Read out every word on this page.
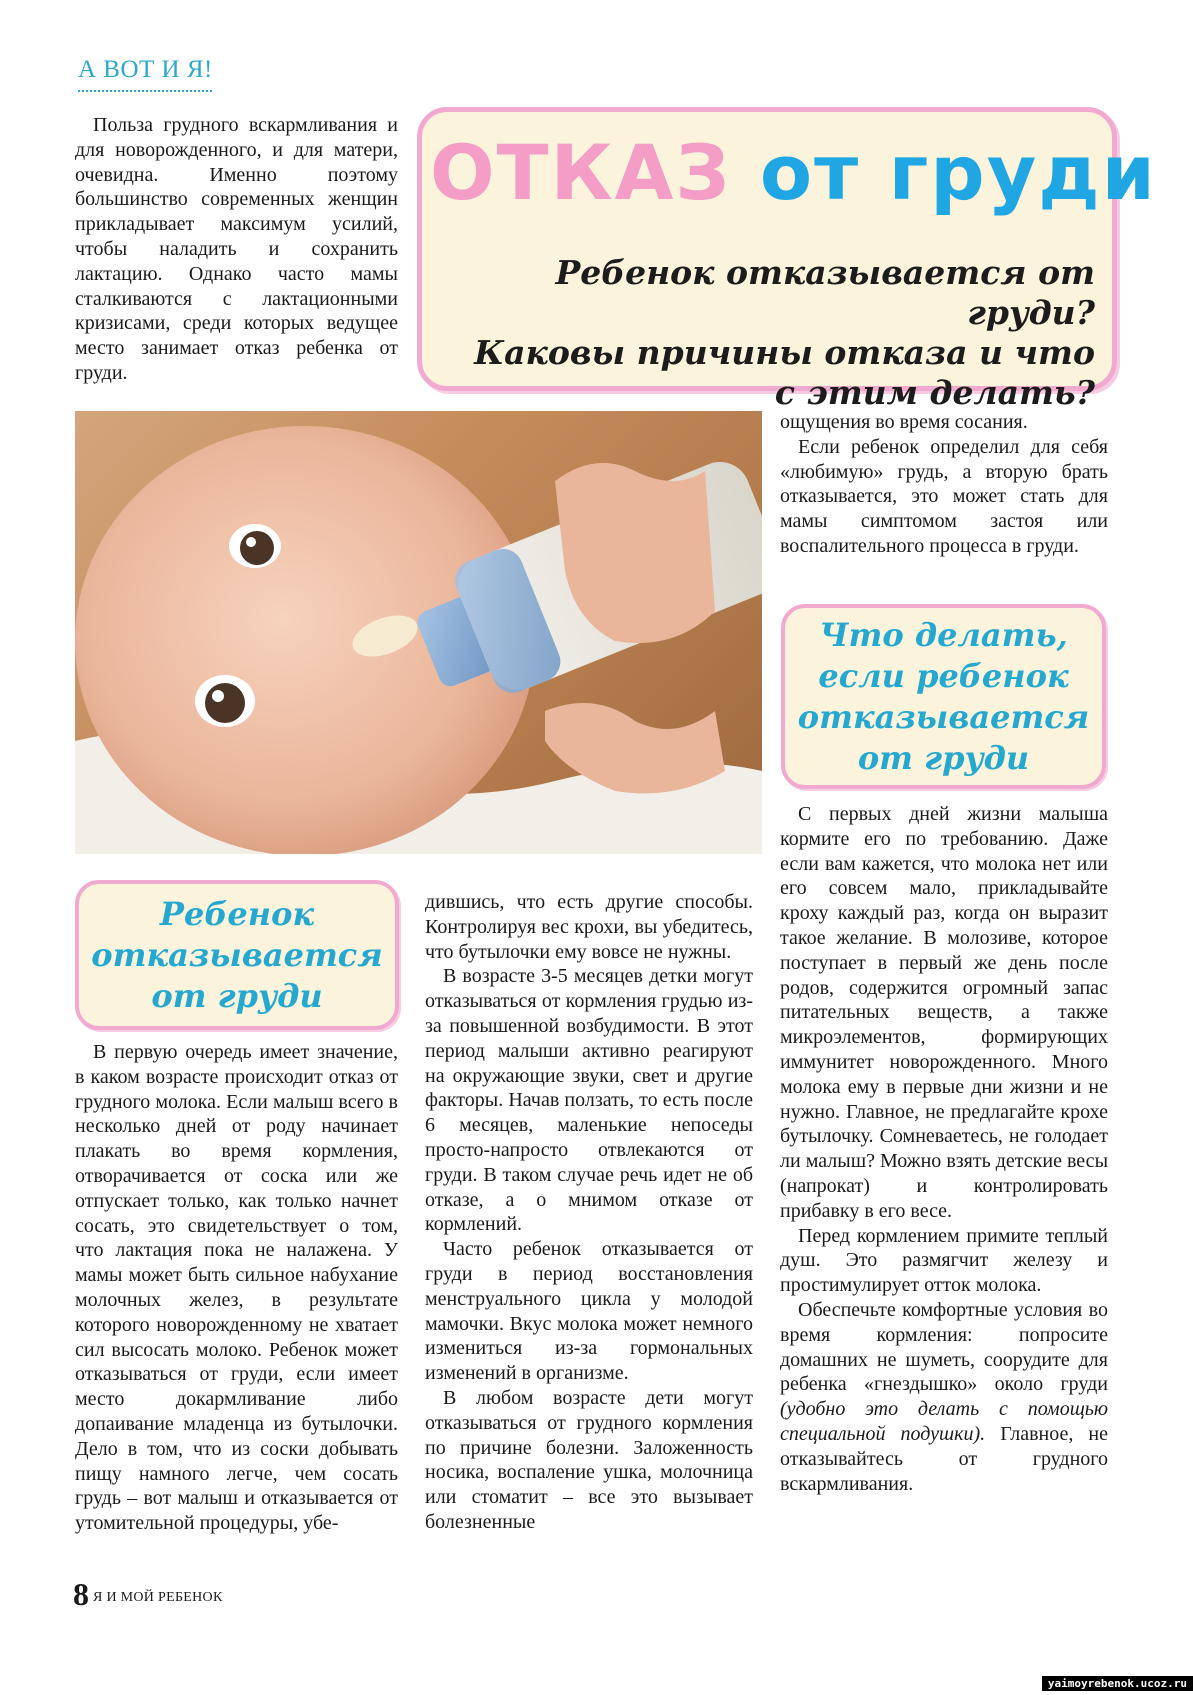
А ВОТ И Я!

Польза грудного вскармливания и для новорожденного, и для матери, очевидна. Именно поэтому большинство современных женщин прикладывает максимум усилий, чтобы наладить и сохранить лактацию. Однако часто мамы сталкиваются с лактационными кризисами, среди которых ведущее место занимает отказ ребенка от груди.

ОТКАЗ от груди
Ребенок отказывается от груди?
Каковы причины отказа и что
с этим делать?

ощущения во время сосания.

Если ребенок определил для себя «любимую» грудь, а вторую брать отказывается, это может стать для мамы симптомом застоя или воспалительного процесса в груди.

Что делать,
если ребенок
отказывается
от груди

С первых дней жизни малыша кормите его по требованию. Даже если вам кажется, что молока нет или его совсем мало, прикладывайте кроху каждый раз, когда он выразит такое желание. В молозиве, которое поступает в первый же день после родов, содержится огромный запас питательных веществ, а также микроэлементов, формирующих иммунитет новорожденного. Много молока ему в первые дни жизни и не нужно. Главное, не предлагайте крохе бутылочку. Сомневаетесь, не голодает ли малыш? Можно взять детские весы (напрокат) и контролировать прибавку в его весе.

Перед кормлением примите теплый душ. Это размягчит железу и простимулирует отток молока.

Обеспечьте комфортные условия во время кормления: попросите домашних не шуметь, соорудите для ребенка «гнездышко» около груди (удобно это делать с помощью специальной подушки). Главное, не отказывайтесь от грудного вскармливания.

Ребенок
отказывается
от груди

В первую очередь имеет значение, в каком возрасте происходит отказ от грудного молока. Если малыш всего в несколько дней от роду начинает плакать во время кормления, отворачивается от соска или же отпускает только, как только начнет сосать, это свидетельствует о том, что лактация пока не налажена. У мамы может быть сильное набухание молочных желез, в результате которого новорожденному не хватает сил высосать молоко. Ребенок может отказываться от груди, если имеет место докармливание либо допаивание младенца из бутылочки. Дело в том, что из соски добывать пищу намного легче, чем сосать грудь – вот малыш и отказывается от утомительной процедуры, убе-

дившись, что есть другие способы. Контролируя вес крохи, вы убедитесь, что бутылочки ему вовсе не нужны.

В возрасте 3-5 месяцев детки могут отказываться от кормления грудью из-за повышенной возбудимости. В этот период малыши активно реагируют на окружающие звуки, свет и другие факторы. Начав ползать, то есть после 6 месяцев, маленькие непоседы просто-напросто отвлекаются от груди. В таком случае речь идет не об отказе, а о мнимом отказе от кормлений.

Часто ребенок отказывается от груди в период восстановления менструального цикла у молодой мамочки. Вкус молока может немного измениться из-за гормональных изменений в организме.

В любом возрасте дети могут отказываться от грудного кормления по причине болезни. Заложенность носика, воспаление ушка, молочница или стоматит – все это вызывает болезненные

8 Я И МОЙ РЕБЕНОК
yaimoyrebenok.ucoz.ru
